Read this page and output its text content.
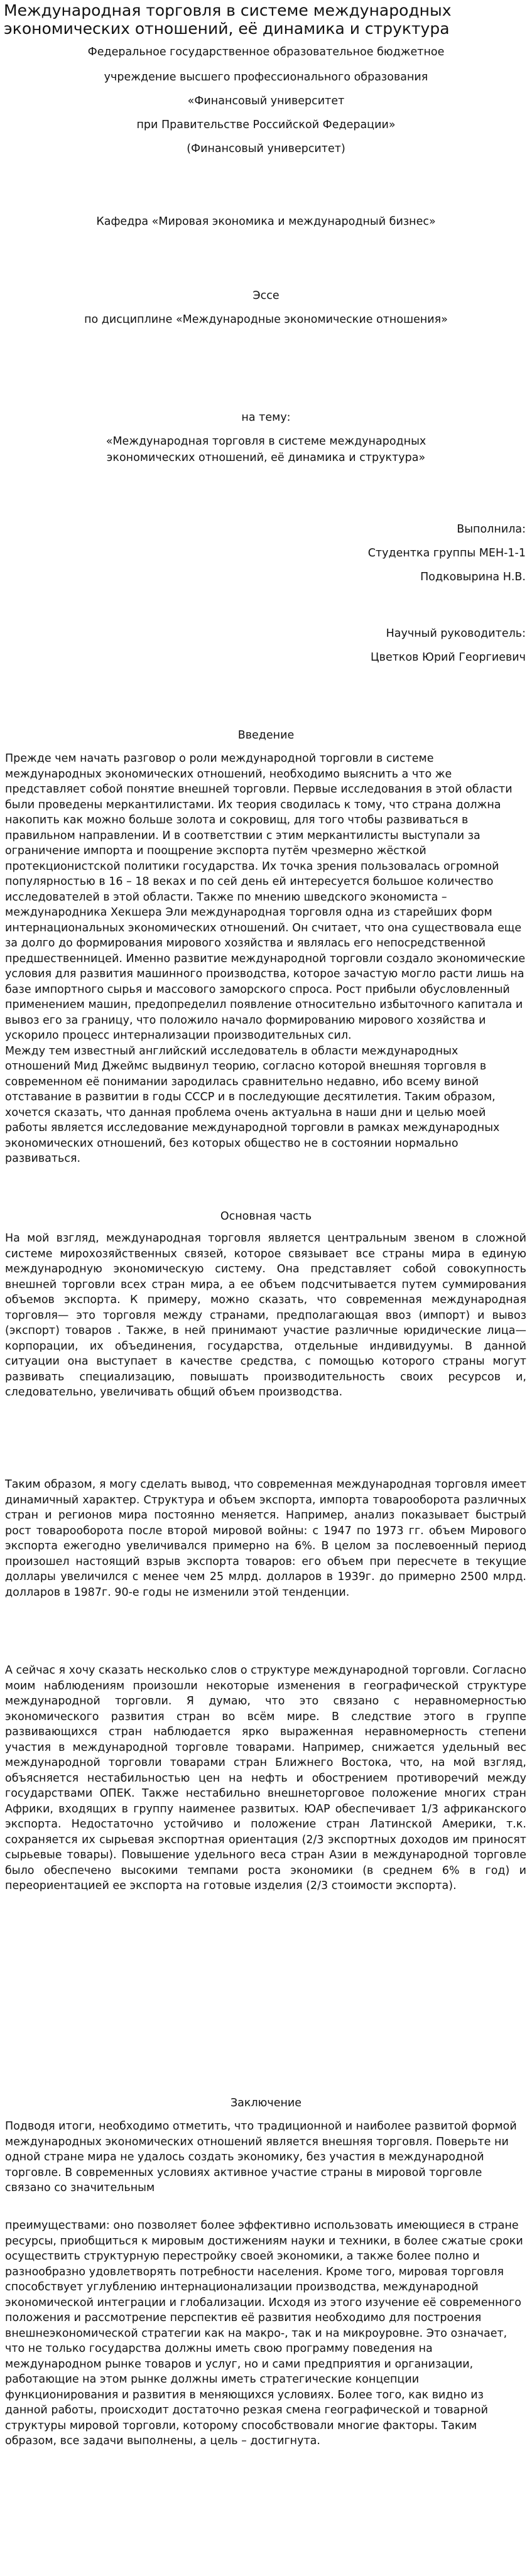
Международная торговля в системе международных экономических отношений, её динамика и структура
Федеральное государственное образовательное бюджетное
учреждение высшего профессионального образования
«Финансовый университет
при Правительстве Российской Федерации»
(Финансовый университет)
Кафедра «Мировая экономика и международный бизнес»
Эссе
по дисциплине «Международные экономические отношения»
на тему:
«Международная торговля в системе международных
экономических отношений, её динамика и структура»
Выполнила:
Студентка группы МЕН-1-1
Подковырина Н.В.
Научный руководитель:
Цветков Юрий Георгиевич
Введение

Прежде чем начать разговор о роли международной торговли в системе международных экономических отношений, необходимо выяснить а что же представляет собой понятие внешней торговли. Первые исследования в этой области были проведены меркантилистами. Их теория сводилась к тому, что страна должна накопить как можно больше золота и сокровищ, для того чтобы развиваться в правильном направлении. И в соответствии с этим меркантилисты выступали за ограничение импорта и поощрение экспорта путём чрезмерно жёсткой протекционистской политики государства. Их точка зрения пользовалась огромной популярностью в 16 – 18 веках и по сей день ей интересуется большое количество исследователей в этой области. Также по мнению шведского экономиста – международника Хекшера Эли международная торговля одна из старейших форм интернациональных экономических отношений. Он считает, что она существовала еще за долго до формирования мирового хозяйства и являлась его непосредственной предшественницей. Именно развитие международной торговли создало экономические условия для развития машинного производства, которое зачастую могло расти лишь на базе импортного сырья и массового заморского спроса. Рост прибыли обусловленный применением машин, предопределил появление относительно избыточного капитала и вывоз его за границу, что положило начало формированию мирового хозяйства и ускорило процесс интернализации производительных сил.
Между тем известный английский исследователь в области международных отношений Мид Джеймс выдвинул теорию, согласно которой внешняя торговля в современном её понимании зародилась сравнительно недавно, ибо всему виной отставание в развитии в годы СССР и в последующие десятилетия. Таким образом, хочется сказать, что данная проблема очень актуальна в наши дни и целью моей работы является исследование международной торговли в рамках международных экономических отношений, без которых общество не в состоянии нормально развиваться.

Основная часть

На мой взгляд, международная торговля является центральным звеном в сложной системе мирохозяйственных связей, которое связывает все страны мира в единую международную экономическую систему. Она представляет собой совокупность внешней торговли всех стран мира, а ее объем подсчитывается путем суммирования объемов экспорта. К примеру, можно сказать, что современная международная торговля— это торговля между странами, предполагающая ввоз (импорт) и вывоз (экспорт) товаров . Также, в ней принимают участие различные юридические лица—корпорации, их объединения, государства, отдельные индивидуумы. В данной ситуации она выступает в качестве средства, с помощью которого страны могут развивать специализацию, повышать производительность своих ресурсов и, следовательно, увеличивать общий объем производства.

Таким образом, я могу сделать вывод, что современная международная торговля имеет динамичный характер. Структура и объем экспорта, импорта товарооборота различных стран и регионов мира постоянно меняется. Например, анализ показывает быстрый рост товарооборота после второй мировой войны: с 1947 по 1973 гг. объем Мирового экспорта ежегодно увеличивался примерно на 6%. В целом за послевоенный период произошел настоящий взрыв экспорта товаров: его объем при пересчете в текущие доллары увеличился с менее чем 25 млрд. долларов в 1939г. до примерно 2500 млрд. долларов в 1987г. 90-е годы не изменили этой тенденции.

А сейчас я хочу сказать несколько слов о структуре международной торговли. Согласно моим наблюдениям произошли некоторые изменения в географической структуре международной торговли. Я думаю, что это связано с неравномерностью экономического развития стран во всём мире. В следствие этого в группе развивающихся стран наблюдается ярко выраженная неравномерность степени участия в международной торговле товарами. Например, снижается удельный вес международной торговли товарами стран Ближнего Востока, что, на мой взгляд, объясняется нестабильностью цен на нефть и обострением противоречий между государствами ОПЕК. Также нестабильно внешнеторговое положение многих стран Африки, входящих в группу наименее развитых. ЮАР обеспечивает 1/3 африканского экспорта. Недостаточно устойчиво и положение стран Латинской Америки, т.к. сохраняется их сырьевая экспортная ориентация (2/3 экспортных доходов им приносят сырьевые товары). Повышение удельного веса стран Азии в международной торговле было обеспечено высокими темпами роста экономики (в среднем 6% в год) и переориентацией ее экспорта на готовые изделия (2/3 стоимости экспорта).

Заключение

Подводя итоги, необходимо отметить, что традиционной и наиболее развитой формой международных экономических отношений является внешняя торговля. Поверьте ни одной стране мира не удалось создать экономику, без участия в международной торговле. В современных условиях активное участие страны в мировой торговле связано со значительным

преимуществами: оно позволяет более эффективно использовать имеющиеся в стране ресурсы, приобщиться к мировым достижениям науки и техники, в более сжатые сроки осуществить структурную перестройку своей экономики, а также более полно и разнообразно удовлетворять потребности населения. Кроме того, мировая торговля способствует углублению интернационализации производства, международной экономической интеграции и глобализации. Исходя из этого изучение её современного положения и рассмотрение перспектив её развития необходимо для построения внешнеэкономической стратегии как на макро-, так и на микроуровне. Это означает, что не только государства должны иметь свою программу поведения на международном рынке товаров и услуг, но и сами предприятия и организации, работающие на этом рынке должны иметь стратегические концепции функционирования и развития в меняющихся условиях. Более того, как видно из данной работы, происходит достаточно резкая смена географической и товарной структуры мировой торговли, которому способствовали многие факторы. Таким образом, все задачи выполнены, а цель – достигнута.
